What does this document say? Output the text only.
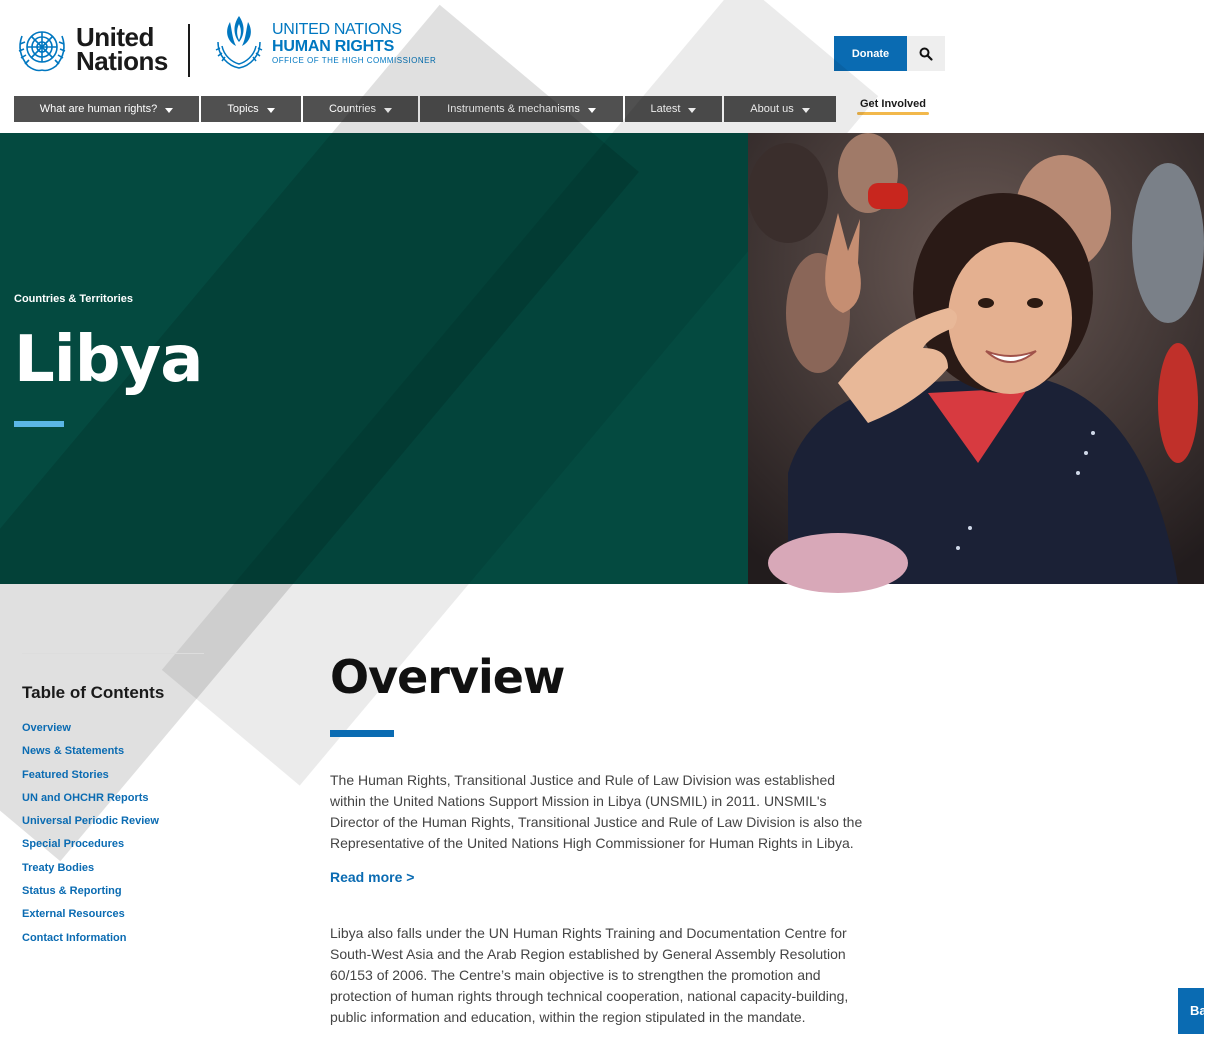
United
Nations
UNITED NATIONS
HUMAN RIGHTS
OFFICE OF THE HIGH COMMISSIONER
Donate
What are human rights?	Topics	Countries	Instruments & mechanisms	Latest	About us	Get Involved
Countries & Territories
Libya
Table of Contents
Overview
News & Statements
Featured Stories
UN and OHCHR Reports
Universal Periodic Review
Special Procedures
Treaty Bodies
Status & Reporting
External Resources
Contact Information
Overview

The Human Rights, Transitional Justice and Rule of Law Division was established within the United Nations Support Mission in Libya (UNSMIL) in 2011. UNSMIL's Director of the Human Rights, Transitional Justice and Rule of Law Division is also the Representative of the United Nations High Commissioner for Human Rights in Libya.

Read more >

Libya also falls under the UN Human Rights Training and Documentation Centre for South-West Asia and the Arab Region established by General Assembly Resolution 60/153 of 2006. The Centre’s main objective is to strengthen the promotion and protection of human rights through technical cooperation, national capacity-building, public information and education, within the region stipulated in the mandate.	Ba
